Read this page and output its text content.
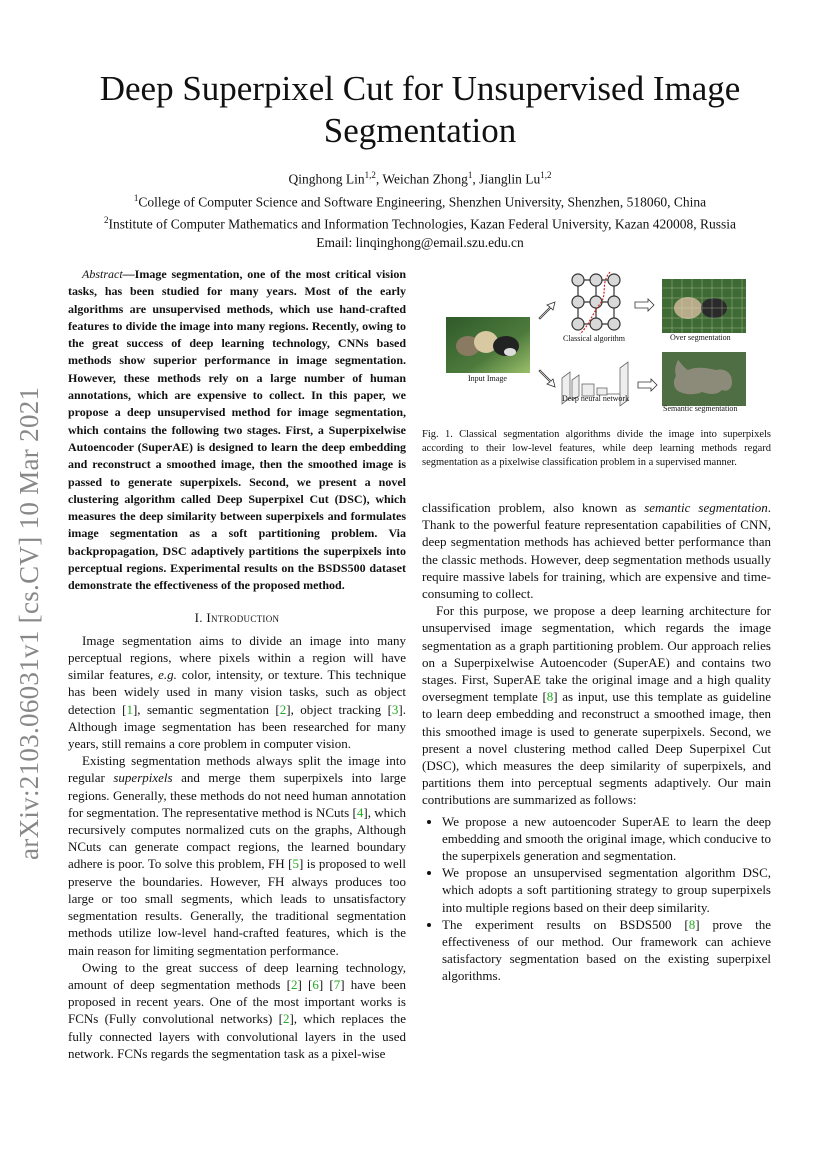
arXiv:2103.06031v1 [cs.CV] 10 Mar 2021
Deep Superpixel Cut for Unsupervised Image Segmentation
Qinghong Lin$^{1,2}$, Weichan Zhong$^1$, Jianglin Lu$^{1,2}$
$^1$College of Computer Science and Software Engineering, Shenzhen University, Shenzhen, 518060, China
$^2$Institute of Computer Mathematics and Information Technologies, Kazan Federal University, Kazan 420008, Russia
Email: linqinghong@email.szu.edu.cn

Abstract—Image segmentation, one of the most critical vision tasks, has been studied for many years. Most of the early algorithms are unsupervised methods, which use hand-crafted features to divide the image into many regions. Recently, owing to the great success of deep learning technology, CNNs based methods show superior performance in image segmentation. However, these methods rely on a large number of human annotations, which are expensive to collect. In this paper, we propose a deep unsupervised method for image segmentation, which contains the following two stages. First, a Superpixelwise Autoencoder (SuperAE) is designed to learn the deep embedding and reconstruct a smoothed image, then the smoothed image is passed to generate superpixels. Second, we present a novel clustering algorithm called Deep Superpixel Cut (DSC), which measures the deep similarity between superpixels and formulates image segmentation as a soft partitioning problem. Via backpropagation, DSC adaptively partitions the superpixels into perceptual regions. Experimental results on the BSDS500 dataset demonstrate the effectiveness of the proposed method.

I. Introduction

Image segmentation aims to divide an image into many perceptual regions, where pixels within a region will have similar features, e.g. color, intensity, or texture. This technique has been widely used in many vision tasks, such as object detection [1], semantic segmentation [2], object tracking [3]. Although image segmentation has been researched for many years, still remains a core problem in computer vision.

Existing segmentation methods always split the image into regular superpixels and merge them superpixels into large regions. Generally, these methods do not need human annotation for segmentation. The representative method is NCuts [4], which recursively computes normalized cuts on the graphs, Although NCuts can generate compact regions, the learned boundary adhere is poor. To solve this problem, FH [5] is proposed to well preserve the boundaries. However, FH always produces too large or too small segments, which leads to unsatisfactory segmentation results. Generally, the traditional segmentation methods utilize low-level hand-crafted features, which is the main reason for limiting segmentation performance.

Owing to the great success of deep learning technology, amount of deep segmentation methods [2] [6] [7] have been proposed in recent years. One of the most important works is FCNs (Fully convolutional networks) [2], which replaces the fully connected layers with convolutional layers in the used network. FCNs regards the segmentation task as a pixel-wise

Input Image
Classical algorithm	Over segmentation
Deep neural network
Semantic segmentation
Fig. 1. Classical segmentation algorithms divide the image into superpixels according to their low-level features, while deep learning methods regard segmentation as a pixelwise classification problem in a supervised manner.

classification problem, also known as semantic segmentation. Thank to the powerful feature representation capabilities of CNN, deep segmentation methods has achieved better performance than the classic methods. However, deep segmentation methods usually require massive labels for training, which are expensive and time-consuming to collect.

For this purpose, we propose a deep learning architecture for unsupervised image segmentation, which regards the image segmentation as a graph partitioning problem. Our approach relies on a Superpixelwise Autoencoder (SuperAE) and contains two stages. First, SuperAE take the original image and a high quality oversegment template [8] as input, use this template as guideline to learn deep embedding and reconstruct a smoothed image, then this smoothed image is used to generate superpixels. Second, we present a novel clustering method called Deep Superpixel Cut (DSC), which measures the deep similarity of superpixels, and partitions them into perceptual segments adaptively. Our main contributions are summarized as follows:

• We propose a new autoencoder SuperAE to learn the deep embedding and smooth the original image, which conducive to the superpixels generation and segmentation.
• We propose an unsupervised segmentation algorithm DSC, which adopts a soft partitioning strategy to group superpixels into multiple regions based on their deep similarity.
• The experiment results on BSDS500 [8] prove the effectiveness of our method. Our framework can achieve satisfactory segmentation based on the existing superpixel algorithms.
